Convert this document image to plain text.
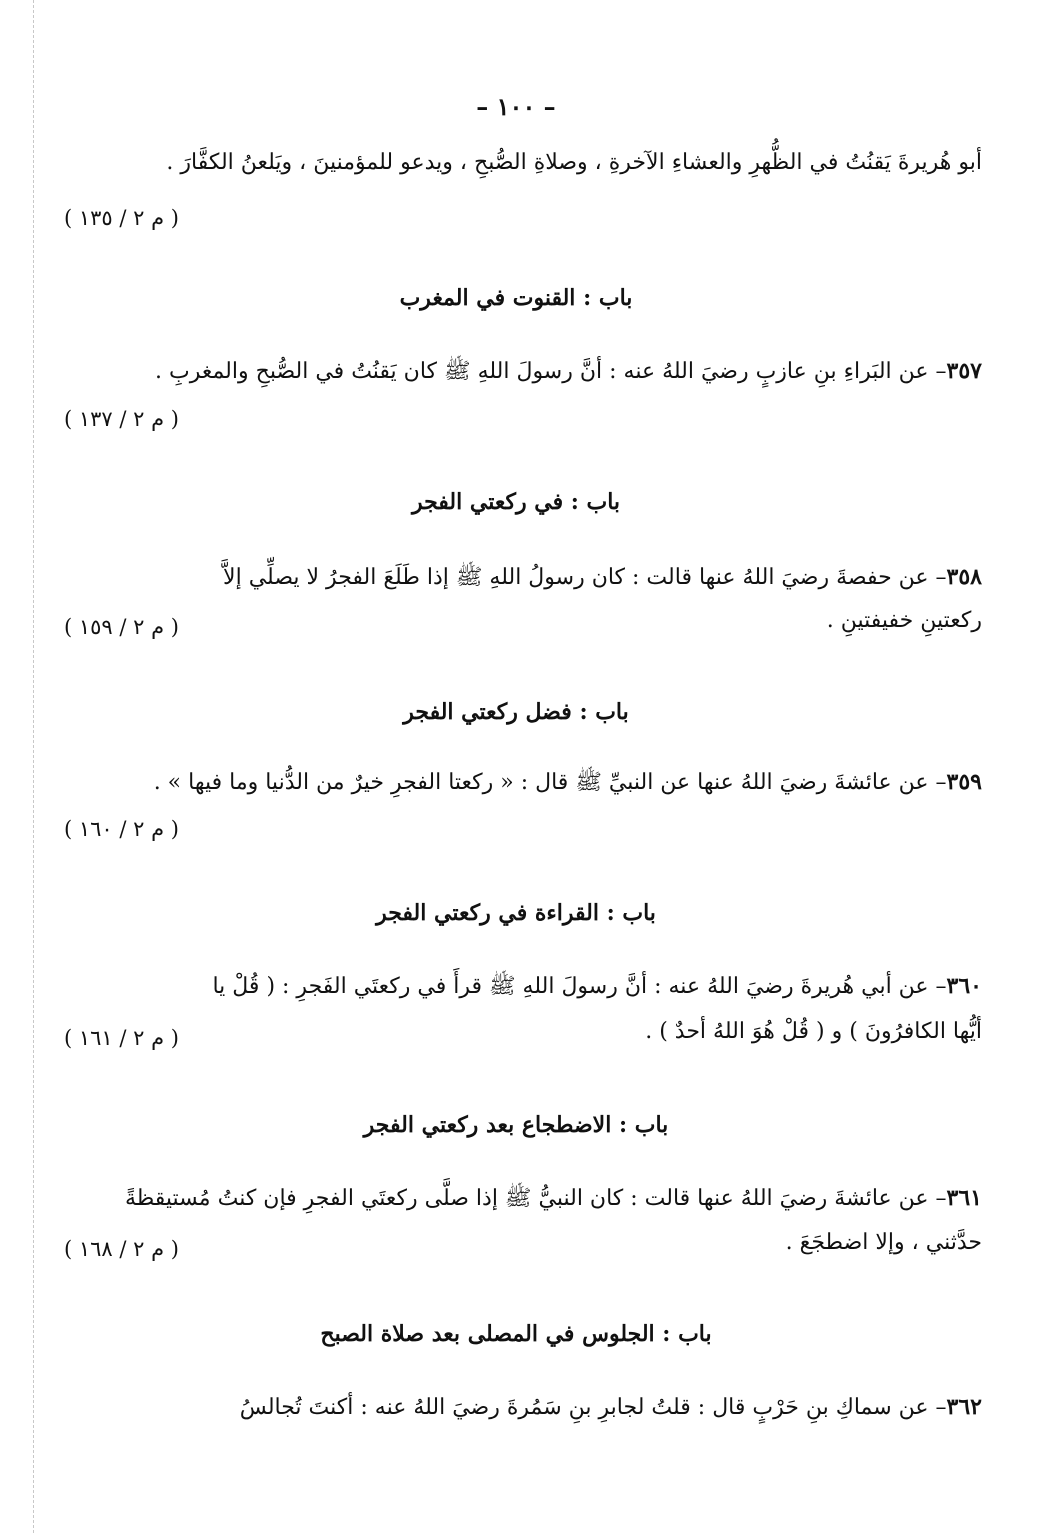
– ١٠٠ –
أبو هُريرةَ يَقنُتُ في الظُّهرِ والعشاءِ الآخرةِ ، وصلاةِ الصُّبحِ ، ويدعو للمؤمنينَ ، ويَلعنُ الكفَّارَ .
( م ٢ / ١٣٥ )
باب : القنوت في المغرب
٣٥٧– عن البَراءِ بنِ عازبٍ رضيَ اللهُ عنه : أنَّ رسولَ اللهِ ﷺ كان يَقنُتُ في الصُّبحِ والمغربِ .
( م ٢ / ١٣٧ )
باب : في ركعتي الفجر
٣٥٨– عن حفصةَ رضيَ اللهُ عنها قالت : كان رسولُ اللهِ ﷺ إذا طَلَعَ الفجرُ لا يصلِّي إلاَّ
ركعتينِ خفيفتينِ .
( م ٢ / ١٥٩ )
باب : فضل ركعتي الفجر
٣٥٩– عن عائشةَ رضيَ اللهُ عنها عن النبيِّ ﷺ قال : « ركعتا الفجرِ خيرٌ من الدُّنيا وما فيها » .
( م ٢ / ١٦٠ )
باب : القراءة في ركعتي الفجر
٣٦٠– عن أبي هُريرةَ رضيَ اللهُ عنه : أنَّ رسولَ اللهِ ﷺ قرأَ في ركعتَي الفَجرِ : ( قُلْ يا
أيُّها الكافرُونَ ) و ( قُلْ هُوَ اللهُ أحدٌ ) .
( م ٢ / ١٦١ )
باب : الاضطجاع بعد ركعتي الفجر
٣٦١– عن عائشةَ رضيَ اللهُ عنها قالت : كان النبيُّ ﷺ إذا صلَّى ركعتَي الفجرِ فإن كنتُ مُستيقظةً
حدَّثني ، وإلا اضطجَعَ .
( م ٢ / ١٦٨ )
باب : الجلوس في المصلى بعد صلاة الصبح
٣٦٢– عن سماكِ بنِ حَرْبٍ قال : قلتُ لجابرِ بنِ سَمُرةَ رضيَ اللهُ عنه : أكنتَ تُجالسُ
